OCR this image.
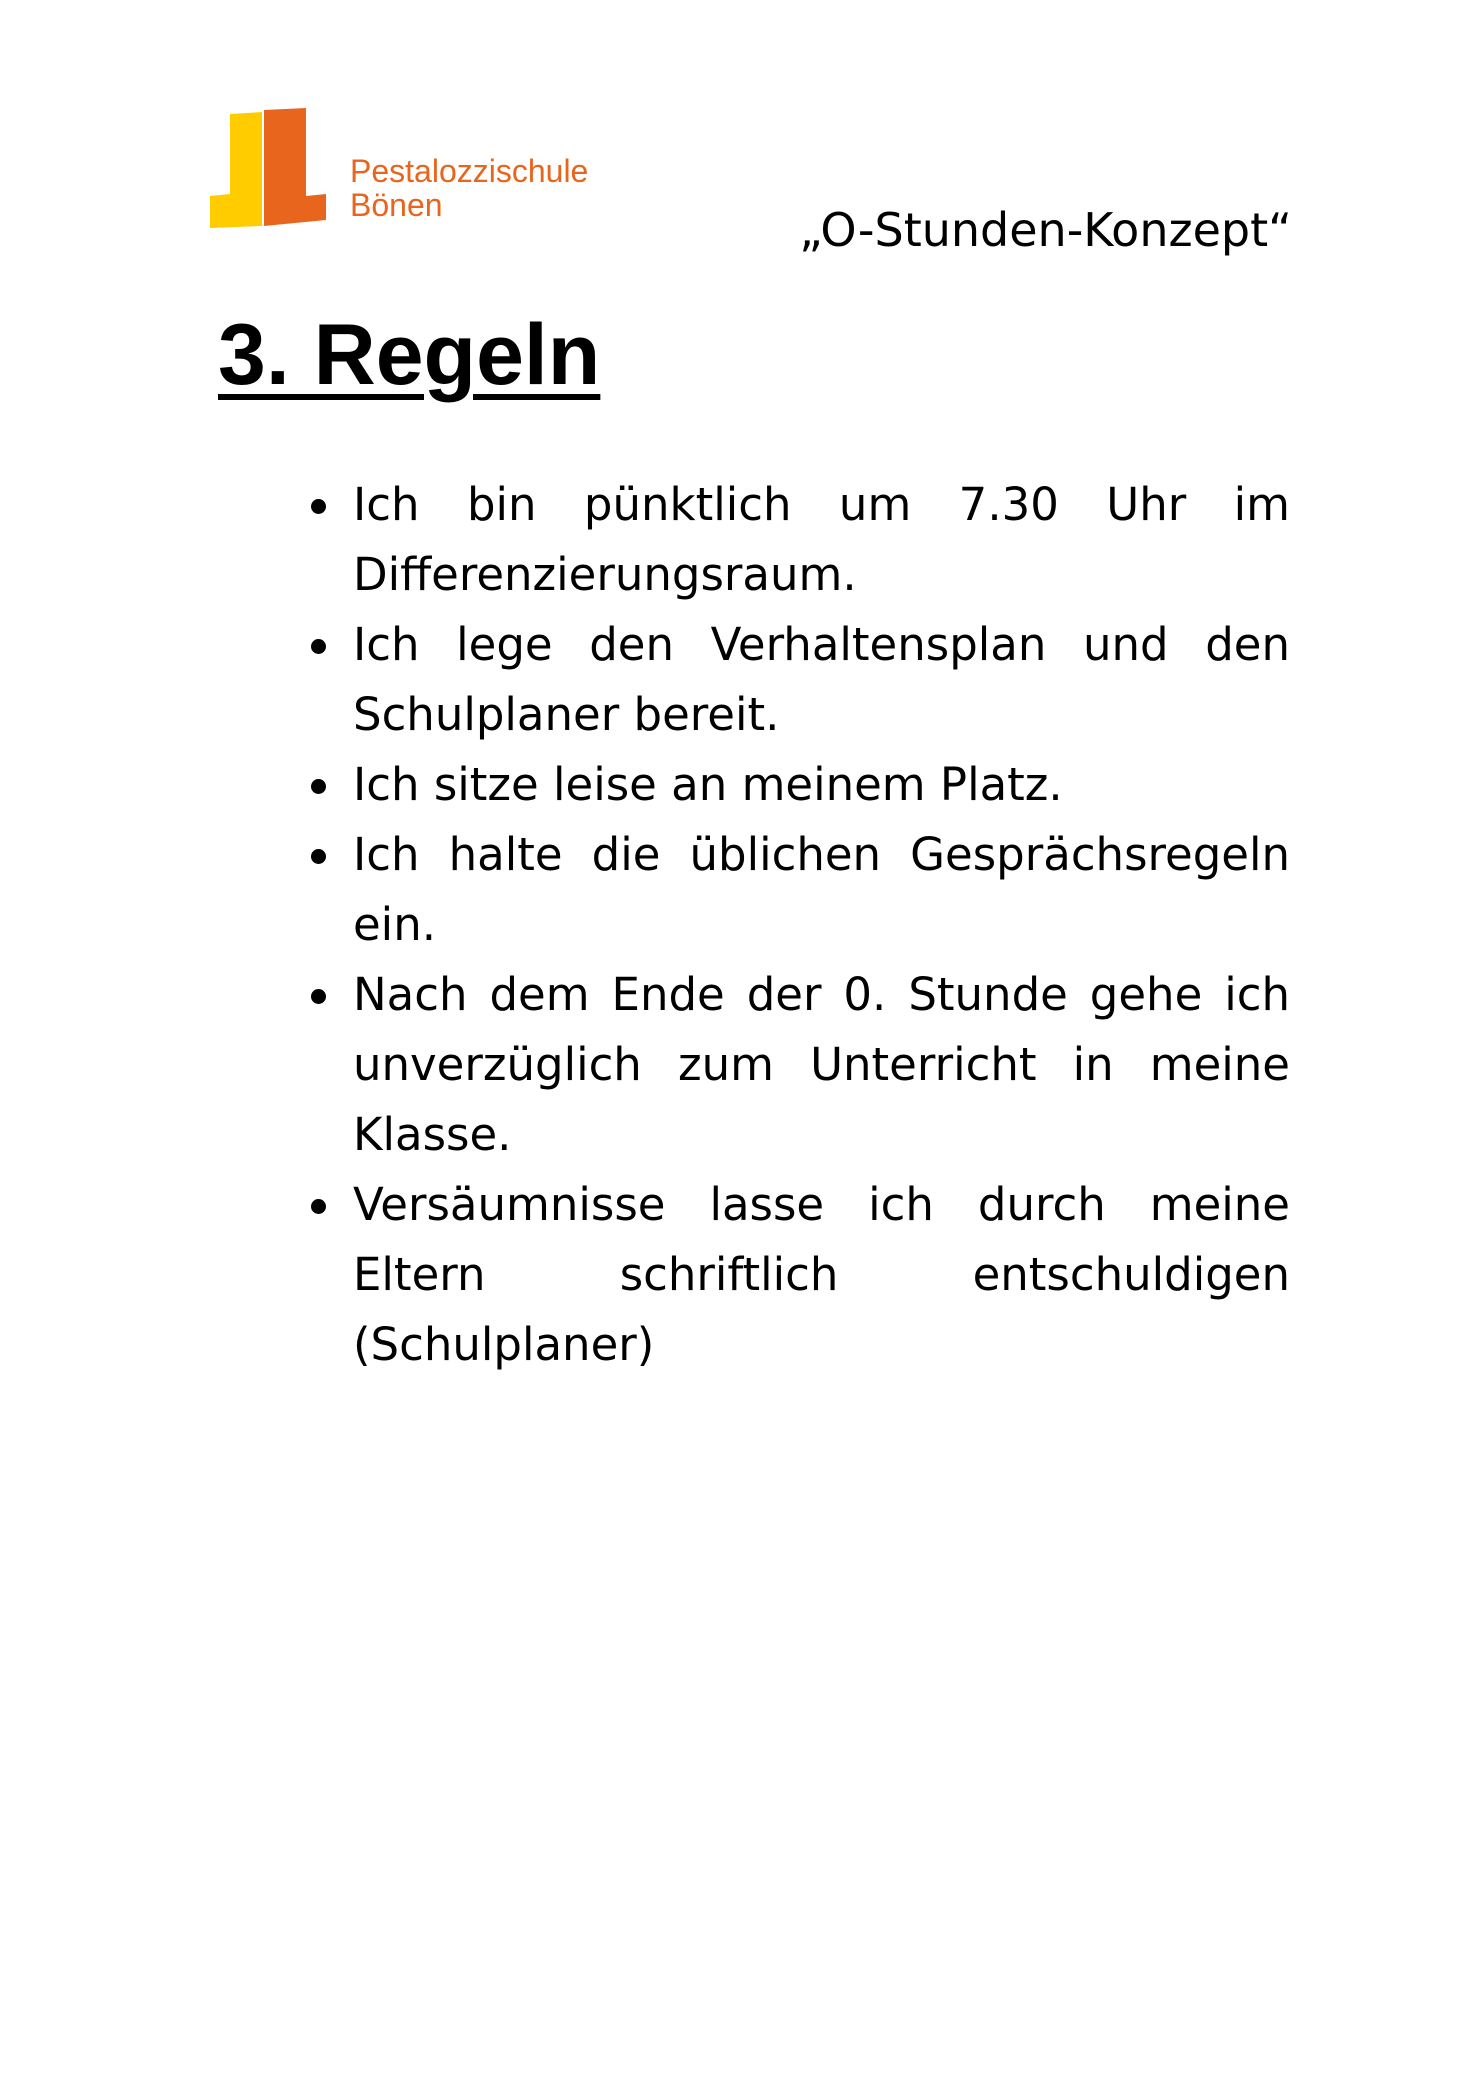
Pestalozzischule
Bönen	„O-Stunden-Konzept“
3. Regeln
Ich bin pünktlich um 7.30 Uhr im Differenzierungsraum.
Ich lege den Verhaltensplan und den Schulplaner bereit.
Ich sitze leise an meinem Platz.
Ich halte die üblichen Gesprächsregeln ein.
Nach dem Ende der 0. Stunde gehe ich unverzüglich zum Unterricht in meine Klasse.
Versäumnisse lasse ich durch meine Eltern schriftlich entschuldigen (Schulplaner)
